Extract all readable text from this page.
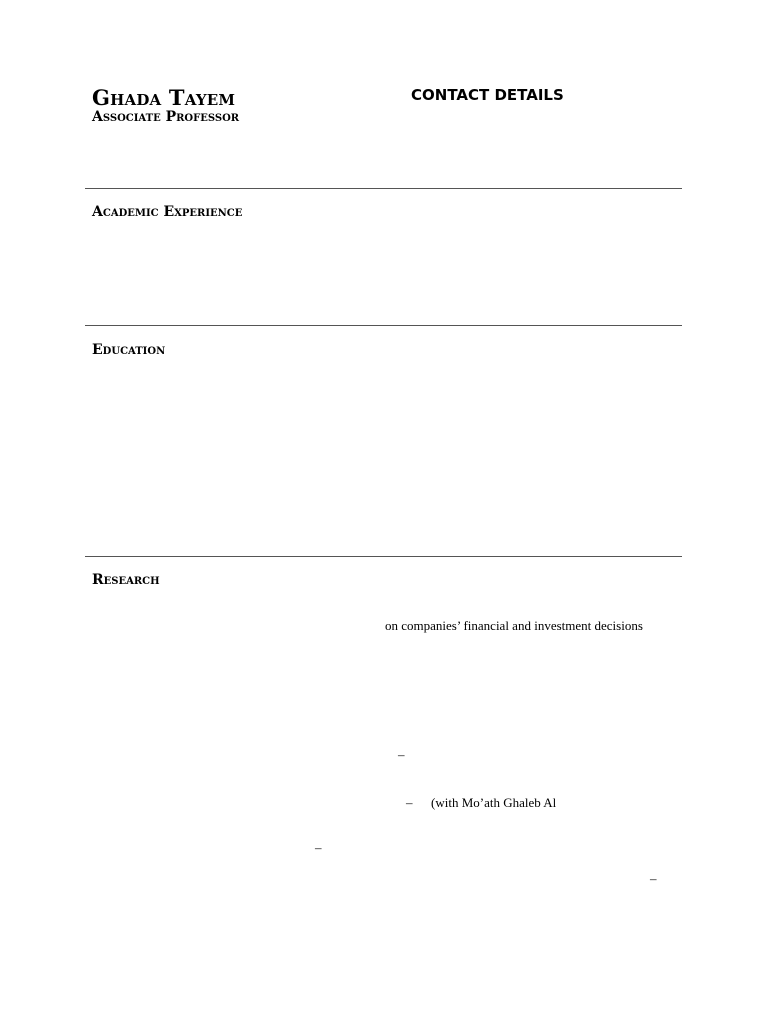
Ghada Tayem
Associate Professor
CONTACT DETAILS
Academic Experience
Education
Research
on companies’ financial and investment decisions
–
– (with Mo’ath Ghaleb Al
–
–
